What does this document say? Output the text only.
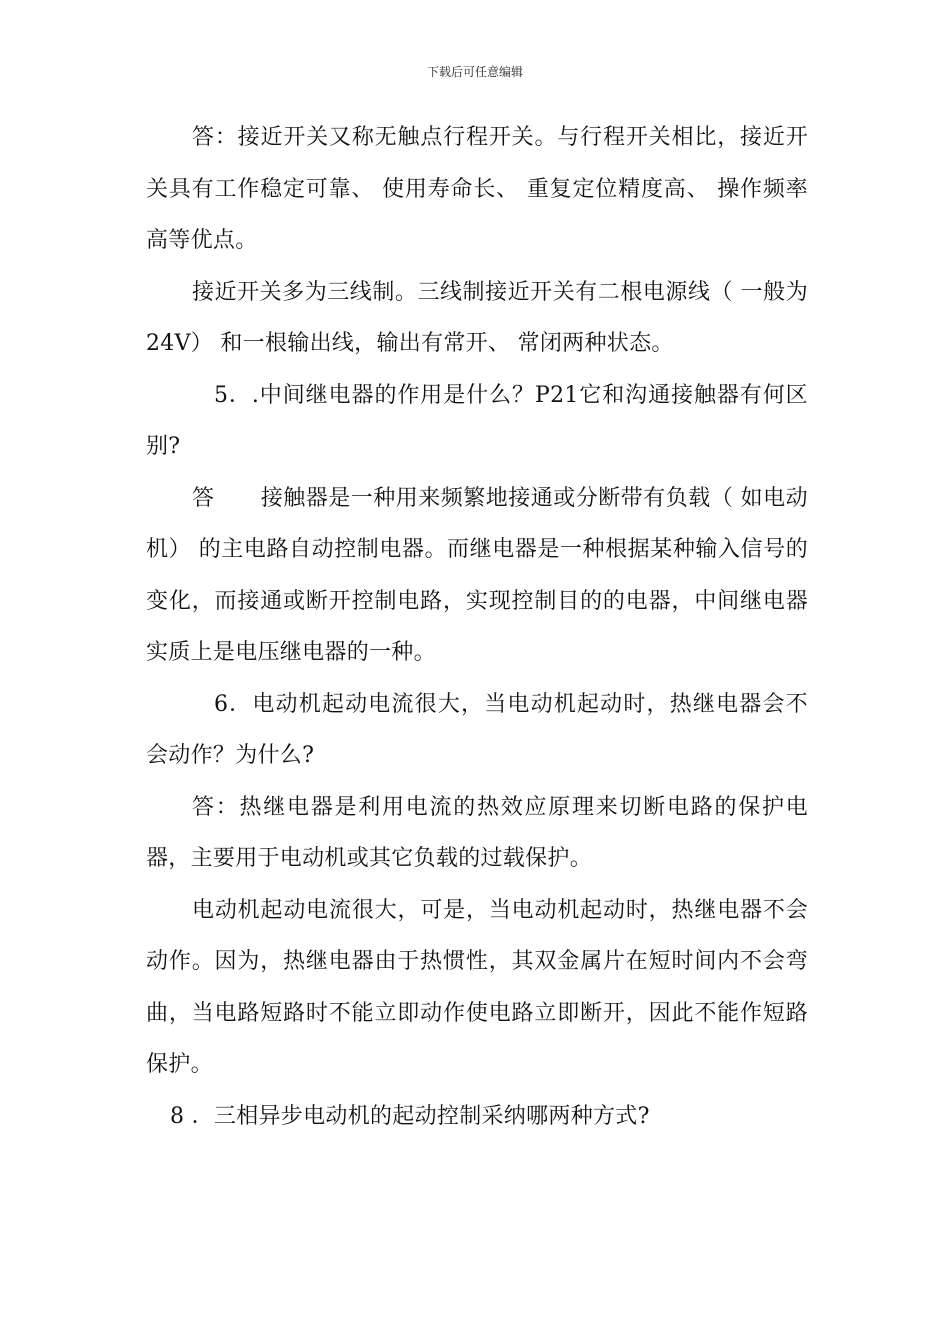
下载后可任意编辑

答：接近开关又称无触点行程开关。与行程开关相比，接近开关具有工作稳定可靠、 使用寿命长、 重复定位精度高、 操作频率高等优点。

接近开关多为三线制。三线制接近开关有二根电源线（ 一般为24V） 和一根输出线，输出有常开、 常闭两种状态。

5．.中间继电器的作用是什么？P21它和沟通接触器有何区别?

答 接触器是一种用来频繁地接通或分断带有负载（ 如电动机） 的主电路自动控制电器。而继电器是一种根据某种输入信号的变化，而接通或断开控制电路，实现控制目的的电器，中间继电器实质上是电压继电器的一种。

6．电动机起动电流很大，当电动机起动时，热继电器会不会动作？为什么?

答：热继电器是利用电流的热效应原理来切断电路的保护电器，主要用于电动机或其它负载的过载保护。

电动机起动电流很大，可是，当电动机起动时，热继电器不会动作。因为，热继电器由于热惯性，其双金属片在短时间内不会弯曲，当电路短路时不能立即动作使电路立即断开，因此不能作短路保护。

8 ．三相异步电动机的起动控制采纳哪两种方式?
